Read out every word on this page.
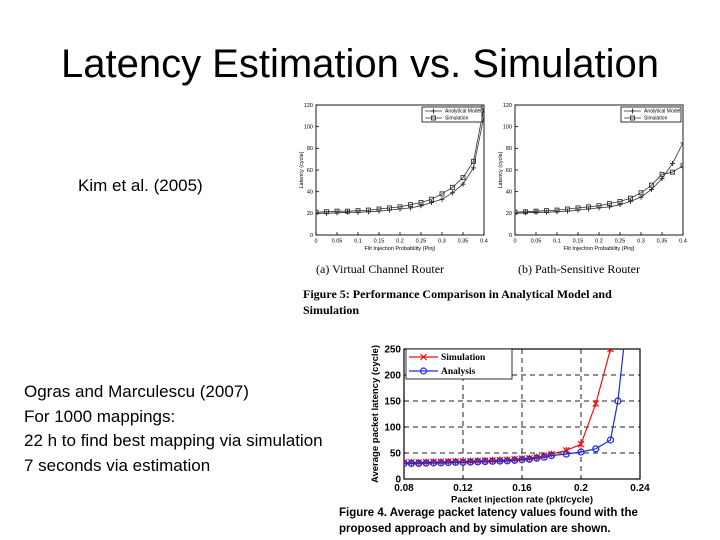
Latency Estimation vs. Simulation
Kim et al. (2005)
Ogras and Marculescu (2007)
For 1000 mappings:
22 h to find best mapping via simulation
7 seconds via estimation
0	0.05 0.1 0.15 0.2 0.25 0.3 0.35 0.4
0
20
40
60
80
100
120
Flit Injection Probability (Pinj)
Latency (cycle)
Analytical Model
Simulation
0	0.05 0.1 0.15 0.2 0.25 0.3 0.35 0.4
0
20
40
60
80
100
120
Flit Injection Probability (Pinj)
Latency (cycle)
Analytical Model
Simulation
(a) Virtual Channel Router	(b) Path-Sensitive Router
Figure 5: Performance Comparison in Analytical Model and
Simulation
0.08	0.12	0.16	0.2	0.24
0
50
100
150
200
250
Packet injection rate (pkt/cycle)
Average packet latency (cycle)	Simulation
Analysis
Figure 4. Average packet latency values found with the
proposed approach and by simulation are shown.
